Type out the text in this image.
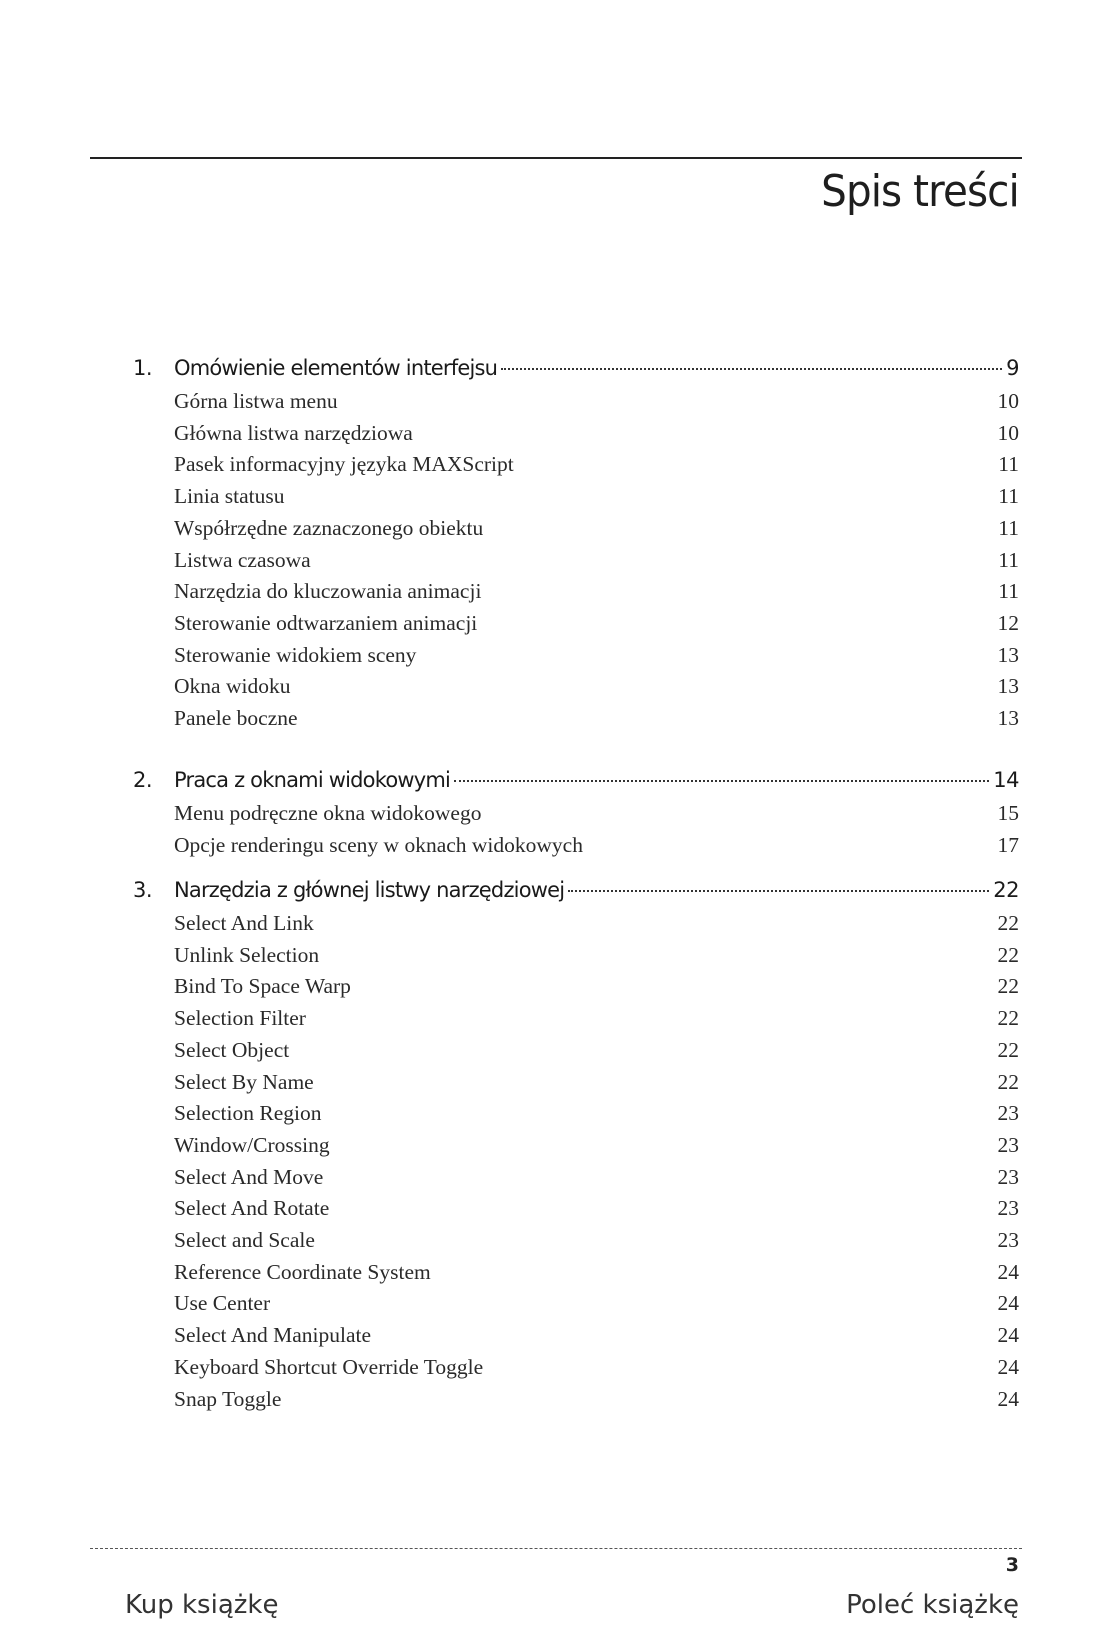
Spis treści
1.	Omówienie elementów interfejsu	9
Górna listwa menu	10
Główna listwa narzędziowa	10
Pasek informacyjny języka MAXScript	11
Linia statusu	11
Współrzędne zaznaczonego obiektu	11
Listwa czasowa	11
Narzędzia do kluczowania animacji	11
Sterowanie odtwarzaniem animacji	12
Sterowanie widokiem sceny	13
Okna widoku	13
Panele boczne	13
2.	Praca z oknami widokowymi	14
Menu podręczne okna widokowego	15
Opcje renderingu sceny w oknach widokowych	17
3.	Narzędzia z głównej listwy narzędziowej	22
Select And Link	22
Unlink Selection	22
Bind To Space Warp	22
Selection Filter	22
Select Object	22
Select By Name	22
Selection Region	23
Window/Crossing	23
Select And Move	23
Select And Rotate	23
Select and Scale	23
Reference Coordinate System	24
Use Center	24
Select And Manipulate	24
Keyboard Shortcut Override Toggle	24
Snap Toggle	24
3
Kup książkę	Poleć książkę
